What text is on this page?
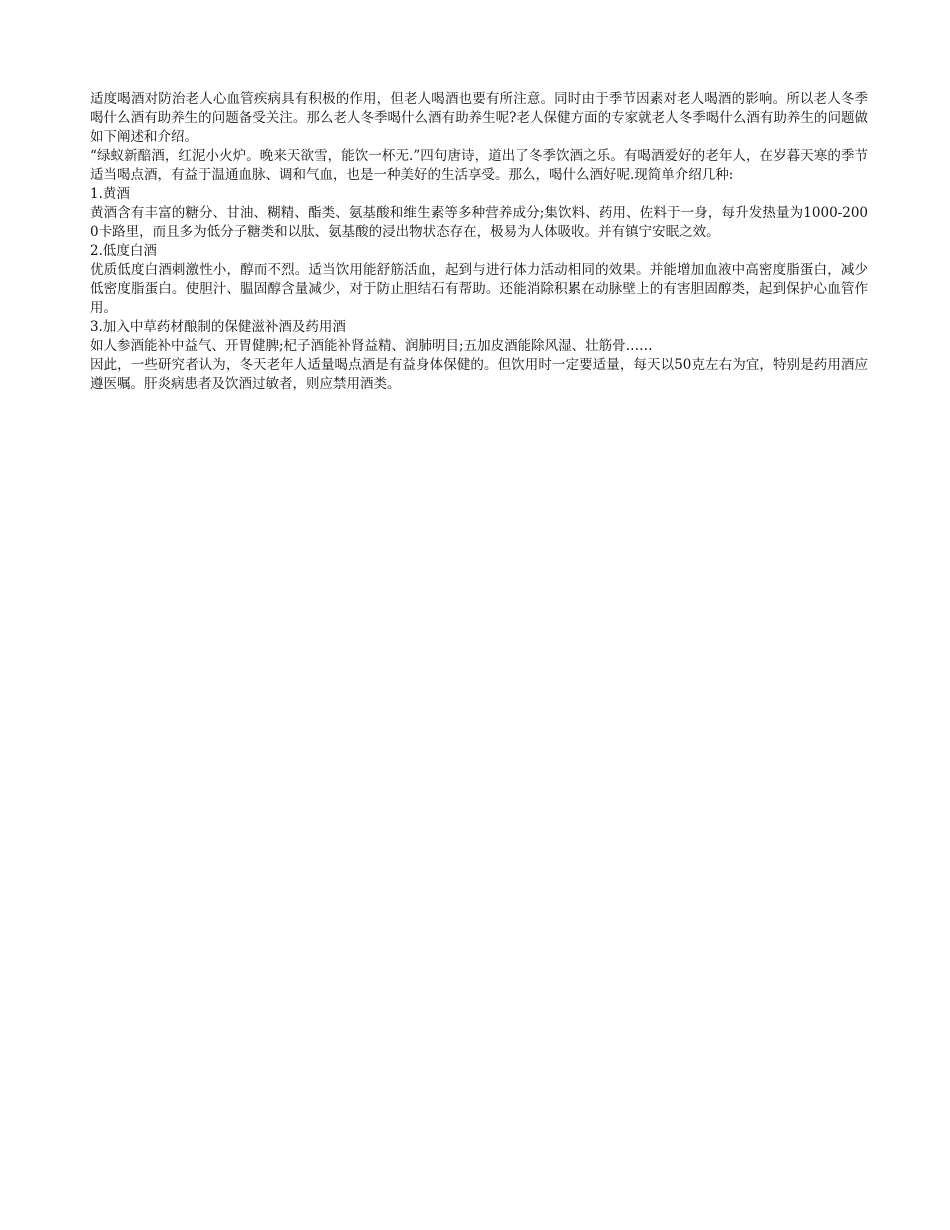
适度喝酒对防治老人心血管疾病具有积极的作用，但老人喝酒也要有所注意。同时由于季节因素对老人喝酒的影响。所以老人冬季喝什么酒有助养生的问题备受关注。那么老人冬季喝什么酒有助养生呢?老人保健方面的专家就老人冬季喝什么酒有助养生的问题做如下阐述和介绍。

“绿蚁新醅酒，红泥小火炉。晚来天欲雪，能饮一杯无.”四句唐诗，道出了冬季饮酒之乐。有喝酒爱好的老年人，在岁暮天寒的季节适当喝点酒，有益于温通血脉、调和气血，也是一种美好的生活享受。那么，喝什么酒好呢.现简单介绍几种:

1.黄酒

黄酒含有丰富的糖分、甘油、糊精、酯类、氨基酸和维生素等多种营养成分;集饮料、药用、佐料于一身，每升发热量为1000-2000卡路里，而且多为低分子糖类和以肽、氨基酸的浸出物状态存在，极易为人体吸收。并有镇宁安眠之效。

2.低度白酒

优质低度白酒刺激性小，醇而不烈。适当饮用能舒筋活血，起到与进行体力活动相同的效果。并能增加血液中高密度脂蛋白，减少低密度脂蛋白。使胆汁、腽固醇含量减少，对于防止胆结石有帮助。还能消除积累在动脉壁上的有害胆固醇类，起到保护心血管作用。

3.加入中草药材酿制的保健滋补酒及药用酒

如人参酒能补中益气、开胃健脾;杞子酒能补肾益精、润肺明目;五加皮酒能除风湿、壮筋骨……

因此，一些研究者认为，冬天老年人适量喝点酒是有益身体保健的。但饮用时一定要适量，每天以50克左右为宜，特别是药用酒应遵医嘱。肝炎病患者及饮酒过敏者，则应禁用酒类。
